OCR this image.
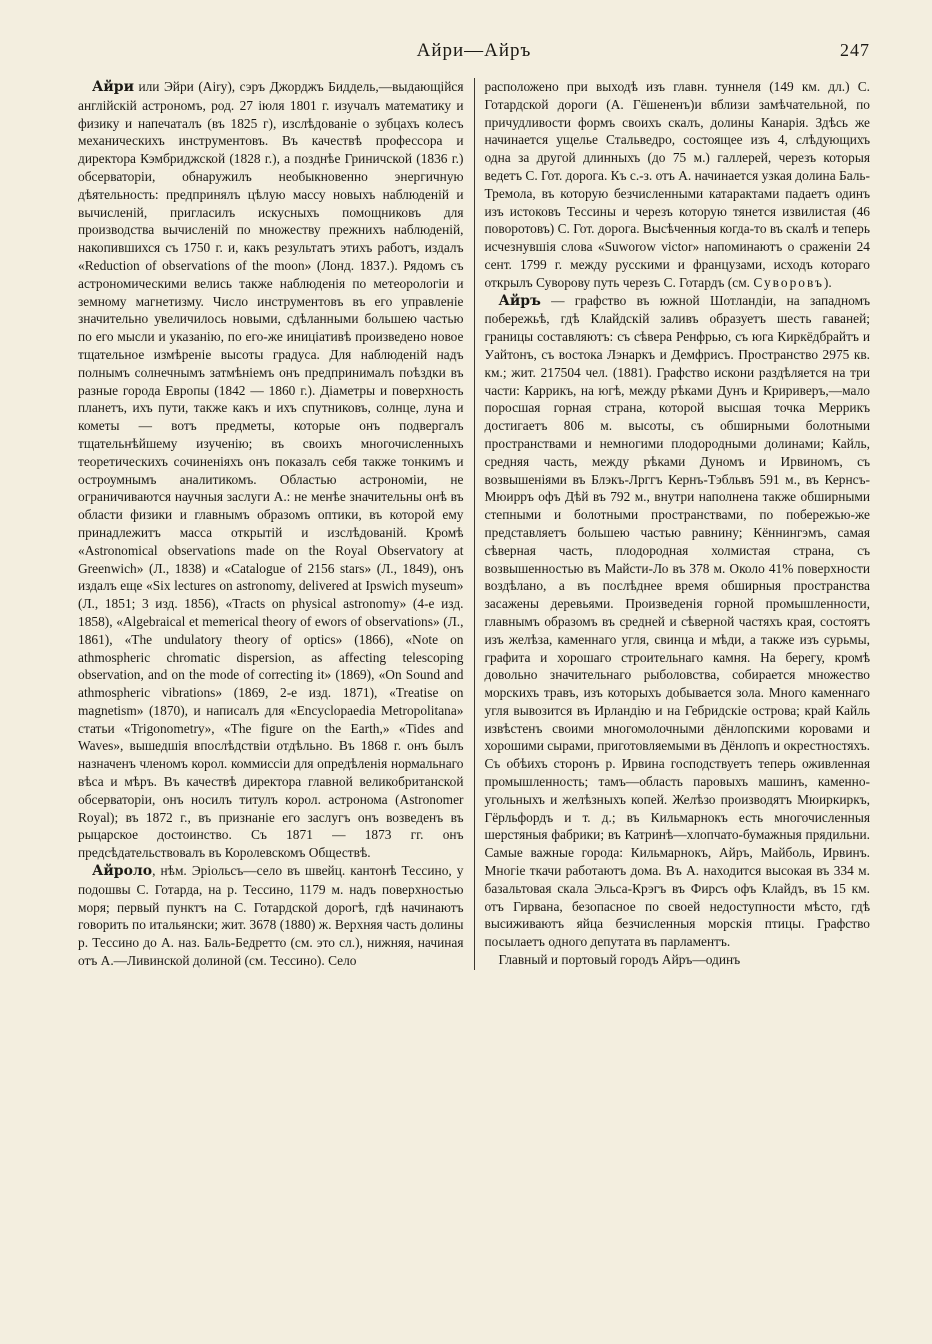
Айри—Айръ	247

Айри или Эйри (Airy), сэръ Джорджъ Биддель,—выдающійся англійскій астрономъ, род. 27 іюля 1801 г. изучалъ математику и физику и напечаталъ (въ 1825 г), изслѣдованіе о зубцахъ колесъ механическихъ инструментовъ. Въ качествѣ профессора и директора Кэмбриджской (1828 г.), а позднѣе Гриничской (1836 г.) обсерваторіи, обнаружилъ необыкновенно энергичную дѣятельность: предпринялъ цѣлую массу новыхъ наблюденій и вычисленій, пригласилъ искусныхъ помощниковъ для производства вычисленій по множеству прежнихъ наблюденій, накопившихся съ 1750 г. и, какъ результатъ этихъ работъ, издалъ «Reduction of observations of the moon» (Лонд. 1837.). Рядомъ съ астрономическими велись также наблюденія по метеорологіи и земному магнетизму. Число инструментовъ въ его управленіе значительно увеличилось новыми, сдѣланными большею частью по его мысли и указанію, по его-же иниціативѣ произведено новое тщательное измѣреніе высоты градуса. Для наблюденій надъ полнымъ солнечнымъ затмѣніемъ онъ предпринималъ поѣздки въ разные города Европы (1842 — 1860 г.). Діаметры и поверхность планетъ, ихъ пути, также какъ и ихъ спутниковъ, солнце, луна и кометы — вотъ предметы, которые онъ подвергалъ тщательнѣйшему изученію; въ своихъ многочисленныхъ теоретическихъ сочиненіяхъ онъ показалъ себя также тонкимъ и остроумнымъ аналитикомъ. Областью астрономіи, не ограничиваются научныя заслуги А.: не менѣе значительны онѣ въ области физики и главнымъ образомъ оптики, въ которой ему принадлежитъ масса открытій и изслѣдованій. Кромѣ «Astronomical observations made on the Royal Observatory at Greenwich» (Л., 1838) и «Catalogue of 2156 stars» (Л., 1849), онъ издалъ еще «Six lectures on astronomy, delivered at Ipswich myseum» (Л., 1851; 3 изд. 1856), «Tracts on physical astronomy» (4-е изд. 1858), «Algebraical et memerical theory of ewors of observations» (Л., 1861), «The undulatory theory of optics» (1866), «Note on athmospheric chromatic dispersion, as affecting telescoping observation, and on the mode of correcting it» (1869), «On Sound and athmospheric vibrations» (1869, 2-е изд. 1871), «Treatise on magnetism» (1870), и написалъ для «Encyclopaedia Metropolitana» статьи «Trigonometry», «The figure on the Earth,» «Tides and Waves», вышедшія впослѣдствіи отдѣльно. Въ 1868 г. онъ былъ назначенъ членомъ корол. коммиссіи для опредѣленія нормальнаго вѣса и мѣръ. Въ качествѣ директора главной великобританской обсерваторіи, онъ носилъ титулъ корол. астронома (Astronomer Royal); въ 1872 г., въ признаніе его заслугъ онъ возведенъ въ рыцарское достоинство. Съ 1871 — 1873 гг. онъ предсѣдательствовалъ въ Королевскомъ Обществѣ.

Айроло, нѣм. Эріольсъ—село въ швейц. кантонѣ Тессино, у подошвы С. Готарда, на р. Тессино, 1179 м. надъ поверхностью моря; первый пунктъ на С. Готардской дорогѣ, гдѣ начинаютъ говорить по итальянски; жит. 3678 (1880) ж. Верхняя часть долины р. Тессино до А. наз. Баль-Бедретто (см. это сл.), нижняя, начиная отъ А.—Ливинской долиной (см. Тессино). Село

расположено при выходѣ изъ главн. туннеля (149 км. дл.) С. Готардской дороги (А. Гёшененъ)и вблизи замѣчательной, по причудливости формъ своихъ скалъ, долины Канарія. Здѣсь же начинается ущелье Стальведро, состоящее изъ 4, слѣдующихъ одна за другой длинныхъ (до 75 м.) галлерей, черезъ которыя ведетъ С. Гот. дорога. Къ с.-з. отъ А. начинается узкая долина Баль-Тремола, въ которую безчисленными катарактами падаетъ одинъ изъ истоковъ Тессины и черезъ которую тянется извилистая (46 поворотовъ) С. Гот. дорога. Высѣченныя когда-то въ скалѣ и теперь исчезнувшія слова «Suworow victor» напоминаютъ о сраженіи 24 сент. 1799 г. между русскими и французами, исходъ котораго открылъ Суворову путь черезъ С. Готардъ (см. Суворовъ).

Айръ — графство въ южной Шотландіи, на западномъ побережьѣ, гдѣ Клайдскій заливъ образуетъ шесть гаваней; границы составляютъ: съ сѣвера Ренфрью, съ юга Киркёдбрайтъ и Уайтонъ, съ востока Лэнаркъ и Демфрисъ. Пространство 2975 кв. км.; жит. 217504 чел. (1881). Графство искони раздѣляется на три части: Каррикъ, на югѣ, между рѣками Дунъ и Кририверъ,—мало поросшая горная страна, которой высшая точка Меррикъ достигаетъ 806 м. высоты, съ обширными болотными пространствами и немногими плодородными долинами; Кайль, средняя часть, между рѣками Дуномъ и Ирвиномъ, съ возвышеніями въ Блэкъ-Лрггъ Кернъ-Тэбльвъ 591 м., въ Кернсъ-Мюирръ офъ Дѣй въ 792 м., внутри наполнена также обширными степными и болотными пространствами, по побережью-же представляетъ большею частью равнину; Кённингэмъ, самая сѣверная часть, плодородная холмистая страна, съ возвышенностью въ Майсти-Ло въ 378 м. Около 41% поверхности воздѣлано, а въ послѣднее время обширныя пространства засажены деревьями. Произведенія горной промышленности, главнымъ образомъ въ средней и сѣверной частяхъ края, состоятъ изъ желѣза, каменнаго угля, свинца и мѣди, а также изъ сурьмы, графита и хорошаго строительнаго камня. На берегу, кромѣ довольно значительнаго рыболовства, собирается множество морскихъ травъ, изъ которыхъ добывается зола. Много каменнаго угля вывозится въ Ирландію и на Гебридскіе острова; край Кайль извѣстенъ своими многомолочными дёнлопскими коровами и хорошими сырами, приготовляемыми въ Дёнлопъ и окрестностяхъ. Съ обѣихъ сторонъ р. Ирвина господствуетъ теперь оживленная промышленность; тамъ—область паровыхъ машинъ, каменно-угольныхъ и желѣзныхъ копей. Желѣзо производятъ Мюиркиркъ, Гёрльфордъ и т. д.; въ Кильмарнокъ есть многочисленныя шерстяныя фабрики; въ Катринѣ—хлопчато-бумажныя прядильни. Самые важные города: Кильмарнокъ, Айръ, Майболь, Ирвинъ. Многіе ткачи работаютъ дома. Въ А. находится высокая въ 334 м. базальтовая скала Эльса-Крэгъ въ Фирсъ офъ Клайдъ, въ 15 км. отъ Гирвана, безопасное по своей недоступности мѣсто, гдѣ высиживаютъ яйца безчисленныя морскія птицы. Графство посылаетъ одного депутата въ парламентъ.

Главный и портовый городъ Айръ—одинъ
